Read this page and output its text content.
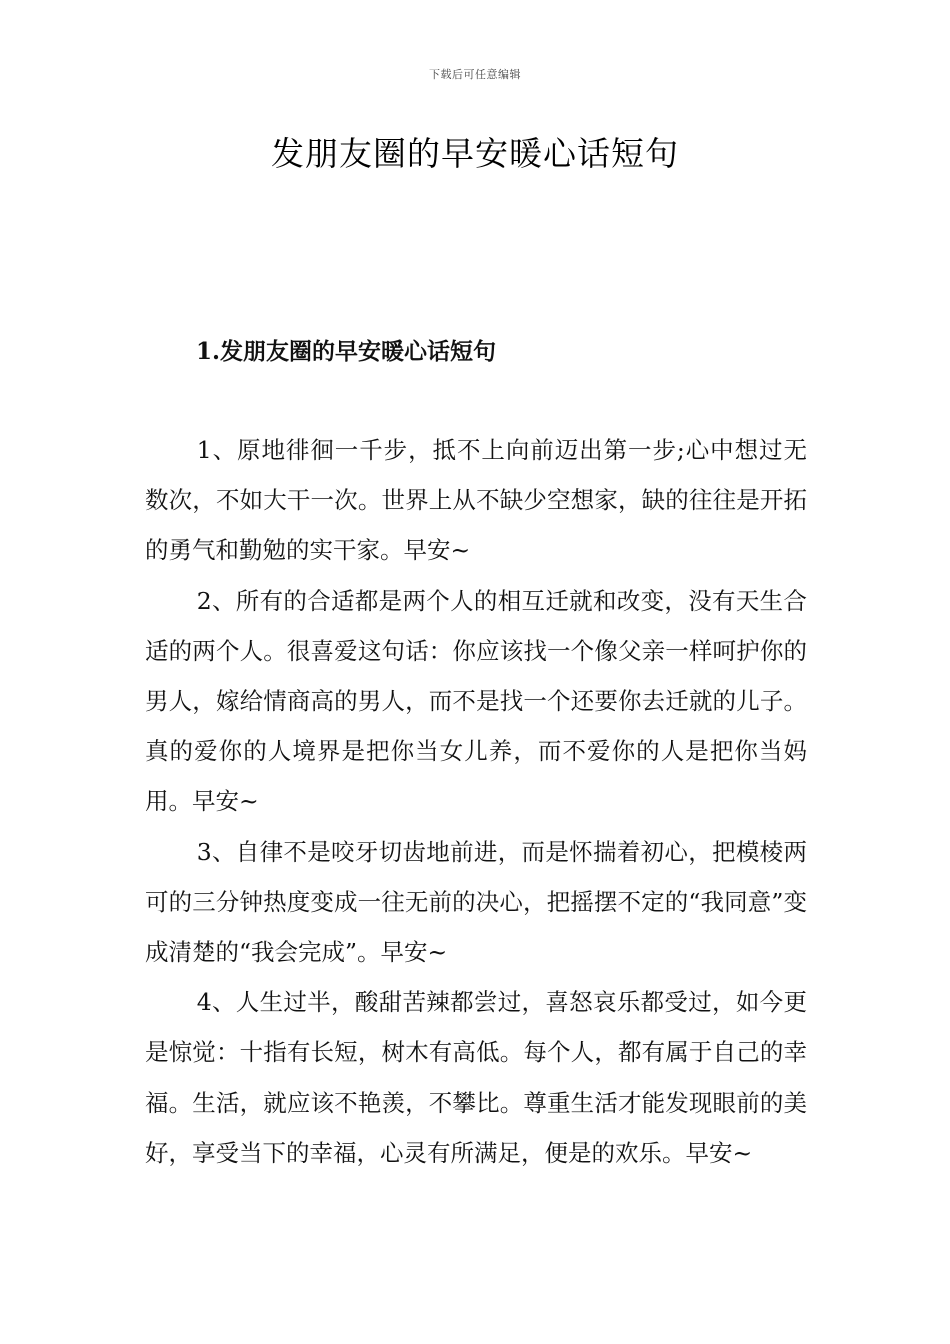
下载后可任意编辑
发朋友圈的早安暖心话短句
1.发朋友圈的早安暖心话短句

1、原地徘徊一千步，抵不上向前迈出第一步;心中想过无数次，不如大干一次。世界上从不缺少空想家，缺的往往是开拓的勇气和勤勉的实干家。早安~

2、所有的合适都是两个人的相互迁就和改变，没有天生合适的两个人。很喜爱这句话：你应该找一个像父亲一样呵护你的男人，嫁给情商高的男人，而不是找一个还要你去迁就的儿子。真的爱你的人境界是把你当女儿养，而不爱你的人是把你当妈用。早安~

3、自律不是咬牙切齿地前进，而是怀揣着初心，把模棱两可的三分钟热度变成一往无前的决心，把摇摆不定的“我同意”变成清楚的“我会完成”。早安~

4、人生过半，酸甜苦辣都尝过，喜怒哀乐都受过，如今更是惊觉：十指有长短，树木有高低。每个人，都有属于自己的幸福。生活，就应该不艳羡，不攀比。尊重生活才能发现眼前的美好，享受当下的幸福，心灵有所满足，便是的欢乐。早安~
